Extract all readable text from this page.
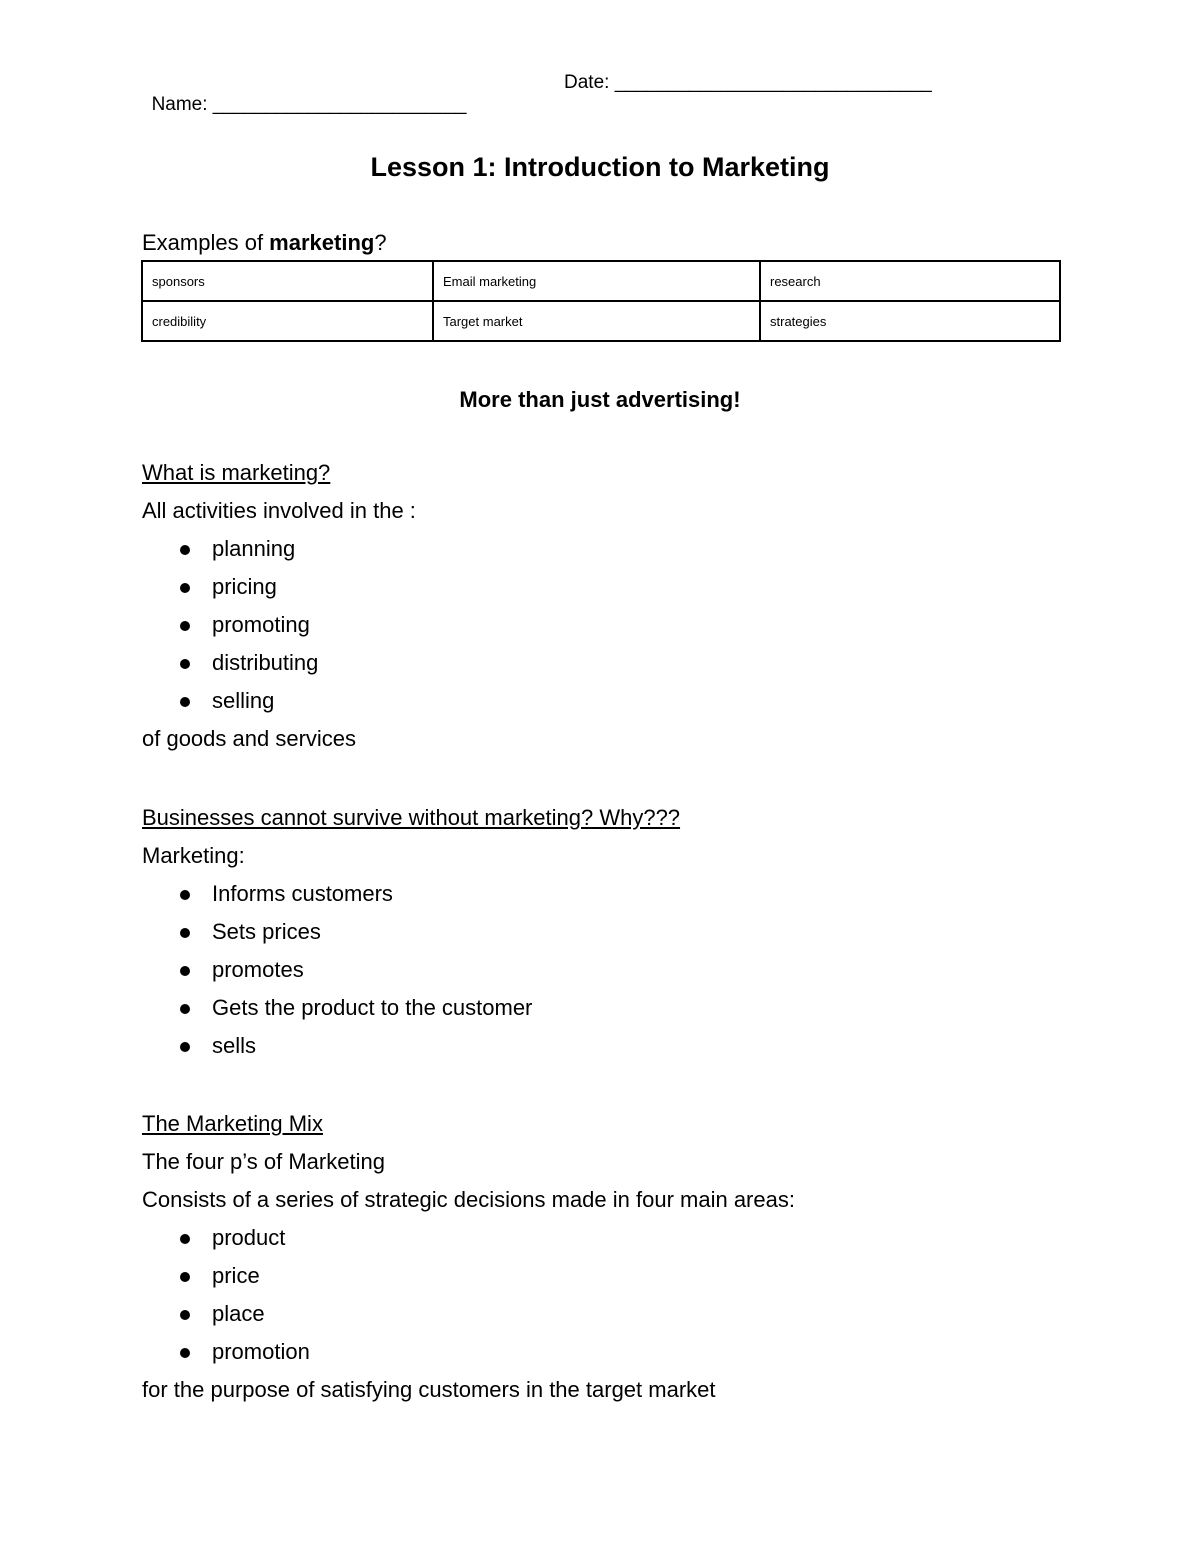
Name: ________________________

Date: ______________________________

Lesson 1: Introduction to Marketing
Examples of marketing?
sponsors	Email marketing	research
credibility	Target market	strategies
More than just advertising!
What is marketing?
All activities involved in the :
planning
pricing
promoting
distributing
selling
of goods and services
Businesses cannot survive without marketing? Why???
Marketing:
Informs customers
Sets prices
promotes
Gets the product to the customer
sells
The Marketing Mix
The four p’s of Marketing
Consists of a series of strategic decisions made in four main areas:
product
price
place
promotion
for the purpose of satisfying customers in the target market
